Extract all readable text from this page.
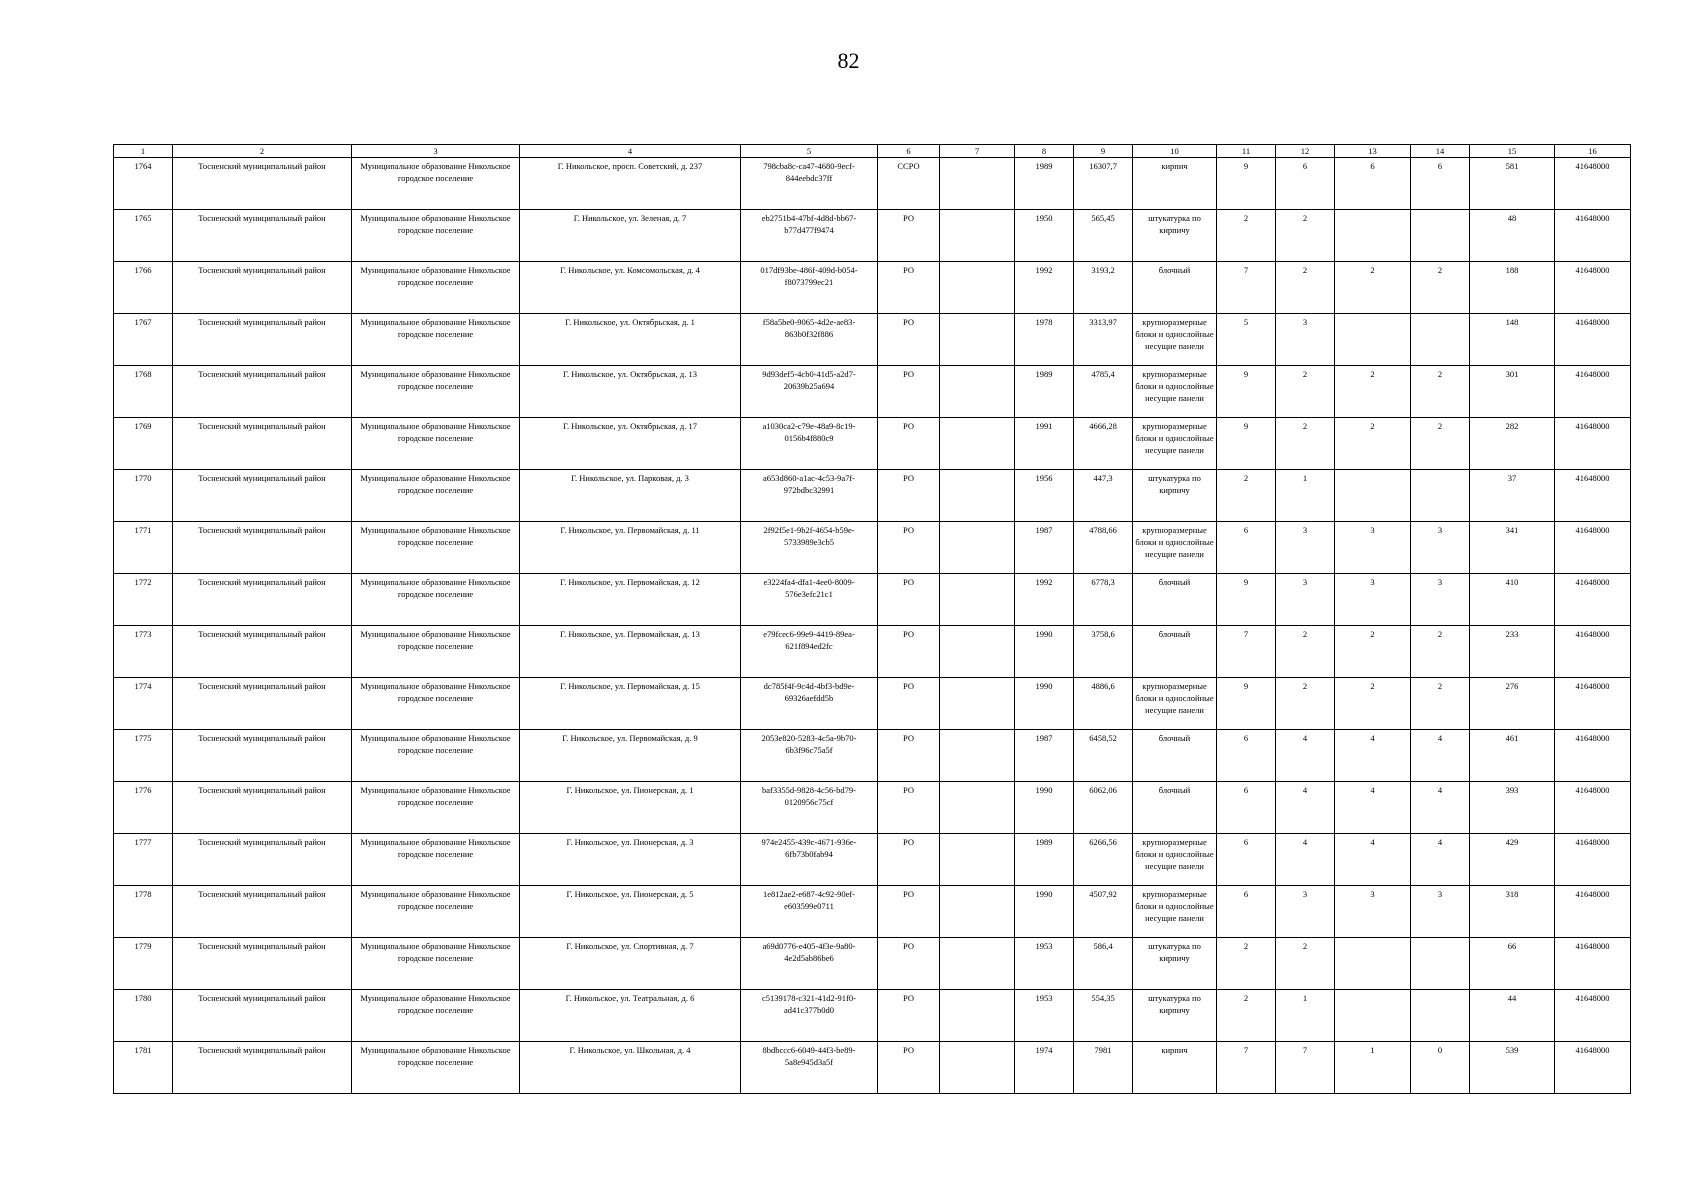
82
1	2	3	4	5	6	7	8	9	10	11	12	13	14	15	16
1764	Тосненский муниципальный район	Муниципальное образование Никольское городское поселение	Г. Никольское, просп. Советский, д. 237	798cba8c-ca47-4680-9ecf-844eebdc37ff	ССРО		1989	16307,7	кирпич	9	6	6	6	581	41648000
1765	Тосненский муниципальный район	Муниципальное образование Никольское городское поселение	Г. Никольское, ул. Зеленая, д. 7	eb2751b4-47bf-4d8d-bb67-b77d477f9474	РО		1950	565,45	штукатурка по кирпичу	2	2			48	41648000
1766	Тосненский муниципальный район	Муниципальное образование Никольское городское поселение	Г. Никольское, ул. Комсомольская, д. 4	017df93be-486f-409d-b054-f8073799ec21	РО		1992	3193,2	блочный	7	2	2	2	188	41648000
1767	Тосненский муниципальный район	Муниципальное образование Никольское городское поселение	Г. Никольское, ул. Октябрьская, д. 1	f58a5be0-9065-4d2e-ae83-863b0f32f886	РО		1978	3313,97	крупноразмерные блоки и однослойные несущие панели	5	3			148	41648000
1768	Тосненский муниципальный район	Муниципальное образование Никольское городское поселение	Г. Никольское, ул. Октябрьская, д. 13	9d93def5-4cb0-41d5-a2d7-20639b25a694	РО		1989	4785,4	крупноразмерные блоки и однослойные несущие панели	9	2	2	2	301	41648000
1769	Тосненский муниципальный район	Муниципальное образование Никольское городское поселение	Г. Никольское, ул. Октябрьская, д. 17	a1030ca2-c79e-48a9-8c19-0156b4f880c9	РО		1991	4666,28	крупноразмерные блоки и однослойные несущие панели	9	2	2	2	282	41648000
1770	Тосненский муниципальный район	Муниципальное образование Никольское городское поселение	Г. Никольское, ул. Парковая, д. 3	a653d860-a1ac-4c53-9a7f-972bdbc32991	РО		1956	447,3	штукатурка по кирпичу	2	1			37	41648000
1771	Тосненский муниципальный район	Муниципальное образование Никольское городское поселение	Г. Никольское, ул. Первомайская, д. 11	2f92f5e1-9b2f-4654-b59e-5733989e3cb5	РО		1987	4788,66	крупноразмерные блоки и однослойные несущие панели	6	3	3	3	341	41648000
1772	Тосненский муниципальный район	Муниципальное образование Никольское городское поселение	Г. Никольское, ул. Первомайская, д. 12	e3224fa4-dfa1-4ee0-8009-576e3efc21c1	РО		1992	6778,3	блочный	9	3	3	3	410	41648000
1773	Тосненский муниципальный район	Муниципальное образование Никольское городское поселение	Г. Никольское, ул. Первомайская, д. 13	e79fcec6-99e9-4419-89ea-621f894ed2fc	РО		1990	3758,6	блочный	7	2	2	2	233	41648000
1774	Тосненский муниципальный район	Муниципальное образование Никольское городское поселение	Г. Никольское, ул. Первомайская, д. 15	dc785f4f-9c4d-4bf3-bd9e-69326aefdd5b	РО		1990	4886,6	крупноразмерные блоки и однослойные несущие панели	9	2	2	2	276	41648000
1775	Тосненский муниципальный район	Муниципальное образование Никольское городское поселение	Г. Никольское, ул. Первомайская, д. 9	2053e820-5283-4c5a-9b70-6b3f96c75a5f	РО		1987	6458,52	блочный	6	4	4	4	461	41648000
1776	Тосненский муниципальный район	Муниципальное образование Никольское городское поселение	Г. Никольское, ул. Пионерская, д. 1	baf3355d-9828-4c56-bd79-0120956c75cf	РО		1990	6062,06	блочный	6	4	4	4	393	41648000
1777	Тосненский муниципальный район	Муниципальное образование Никольское городское поселение	Г. Никольское, ул. Пионерская, д. 3	974e2455-439c-4671-936e-6fb73b0fab94	РО		1989	6266,56	крупноразмерные блоки и однослойные несущие панели	6	4	4	4	429	41648000
1778	Тосненский муниципальный район	Муниципальное образование Никольское городское поселение	Г. Никольское, ул. Пионерская, д. 5	1e812ae2-e687-4c92-90ef-e603599e0711	РО		1990	4507,92	крупноразмерные блоки и однослойные несущие панели	6	3	3	3	318	41648000
1779	Тосненский муниципальный район	Муниципальное образование Никольское городское поселение	Г. Никольское, ул. Спортивная, д. 7	a69d0776-e405-4f3e-9a80-4e2d5ab86be6	РО		1953	586,4	штукатурка по кирпичу	2	2			66	41648000
1780	Тосненский муниципальный район	Муниципальное образование Никольское городское поселение	Г. Никольское, ул. Театральная, д. 6	c5139178-c321-41d2-91f0-ad41c377b0d0	РО		1953	554,35	штукатурка по кирпичу	2	1			44	41648000
1781	Тосненский муниципальный район	Муниципальное образование Никольское городское поселение	Г. Никольское, ул. Школьная, д. 4	8bdbccc6-6049-44f3-be89-5a8e945d3a5f	РО		1974	7981	кирпич	7	7	1	0	539	41648000
